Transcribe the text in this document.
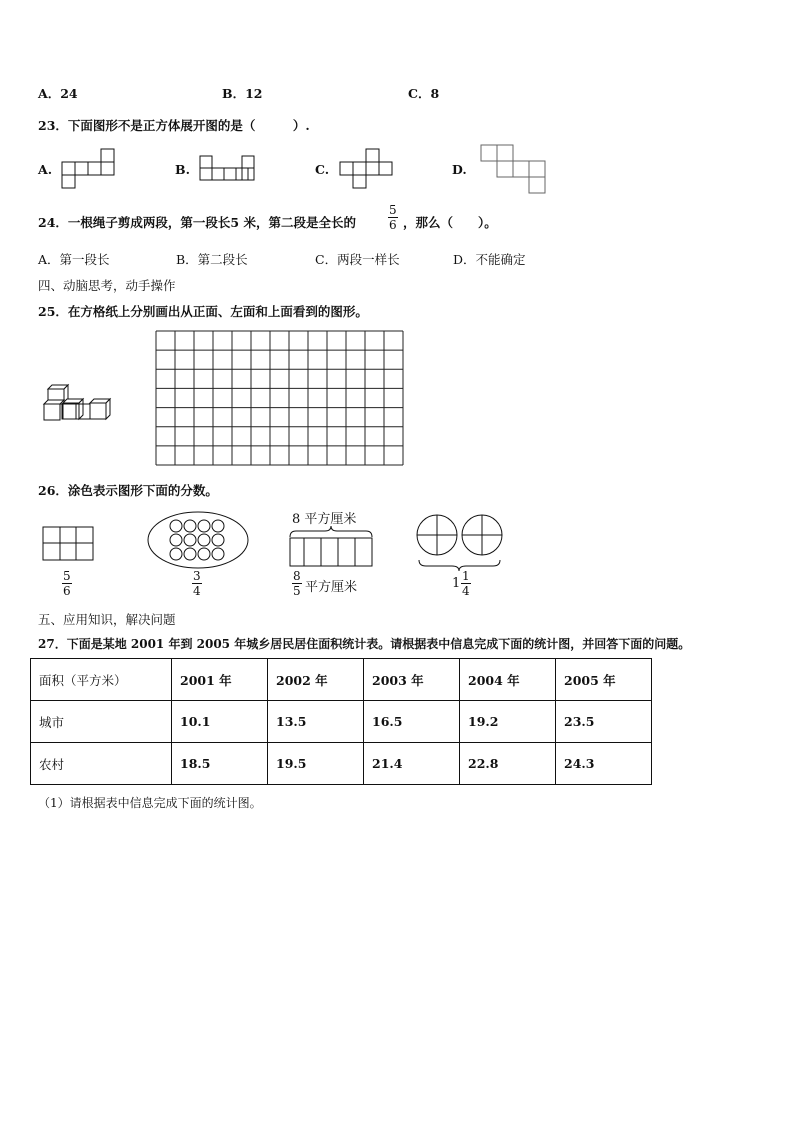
A．24	B．12	C．8
23．下面图形不是正方体展开图的是（　　　）.
A.	B.	C.	D.
24．一根绳子剪成两段，第一段长5 米，第二段是全长的	$\frac{5}{6}$ ，那么（　　）。
A．第一段长	B．第二段长	C．两段一样长	D．不能确定
四、动脑思考，动手操作
25．在方格纸上分别画出从正面、左面和上面看到的图形。
26．涂色表示图形下面的分数。
$\frac{5}{6}$	$\frac{3}{4}$
8 平方厘米
$\frac{8}{5}$ 平方厘米	$1 \frac{1}{4}$
五、应用知识，解决问题
27．下面是某地 2001 年到 2005 年城乡居民居住面积统计表。请根据表中信息完成下面的统计图，并回答下面的问题。
面积（平方米）	2001 年	2002 年	2003 年	2004 年	2005 年
城市	10.1	13.5	16.5	19.2	23.5
农村	18.5	19.5	21.4	22.8	24.3
（1）请根据表中信息完成下面的统计图。
